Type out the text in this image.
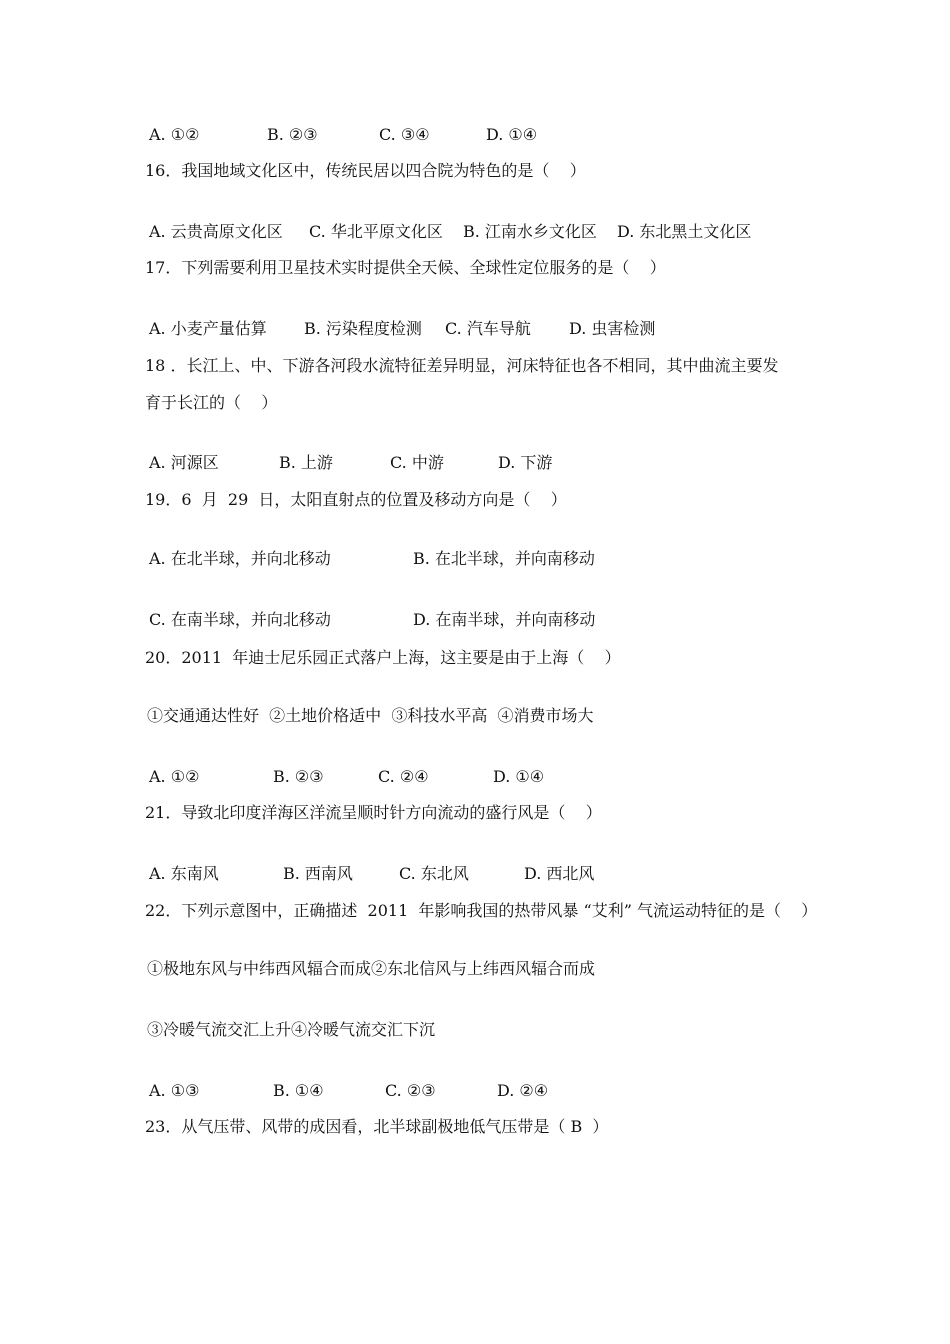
A. ①②	B. ②③	C. ③④	D. ①④
16．我国地域文化区中，传统民居以四合院为特色的是（    ）
A. 云贵高原文化区	C. 华北平原文化区	B. 江南水乡文化区	D. 东北黑土文化区
17．下列需要利用卫星技术实时提供全天候、全球性定位服务的是（    ）
A. 小麦产量估算	B. 污染程度检测	C. 汽车导航	D. 虫害检测
18 ．长江上、中、下游各河段水流特征差异明显，河床特征也各不相同，其中曲流主要发
育于长江的（    ）
A. 河源区	B. 上游	C. 中游	D. 下游
19．6  月  29  日，太阳直射点的位置及移动方向是（    ）
A. 在北半球，并向北移动	B. 在北半球，并向南移动
C. 在南半球，并向北移动	D. 在南半球，并向南移动
20．2011  年迪士尼乐园正式落户上海，这主要是由于上海（    ）
①交通通达性好  ②土地价格适中  ③科技水平高  ④消费市场大
A. ①②	B. ②③	C. ②④	D. ①④
21．导致北印度洋海区洋流呈顺时针方向流动的盛行风是（    ）
A. 东南风	B. 西南风	C. 东北风	D. 西北风
22．下列示意图中，正确描述  2011  年影响我国的热带风暴 “艾利” 气流运动特征的是（    ）
①极地东风与中纬西风辐合而成②东北信风与上纬西风辐合而成
③冷暖气流交汇上升④冷暖气流交汇下沉
A. ①③	B. ①④	C. ②③	D. ②④
23．从气压带、风带的成因看，北半球副极地低气压带是（ B  ）
